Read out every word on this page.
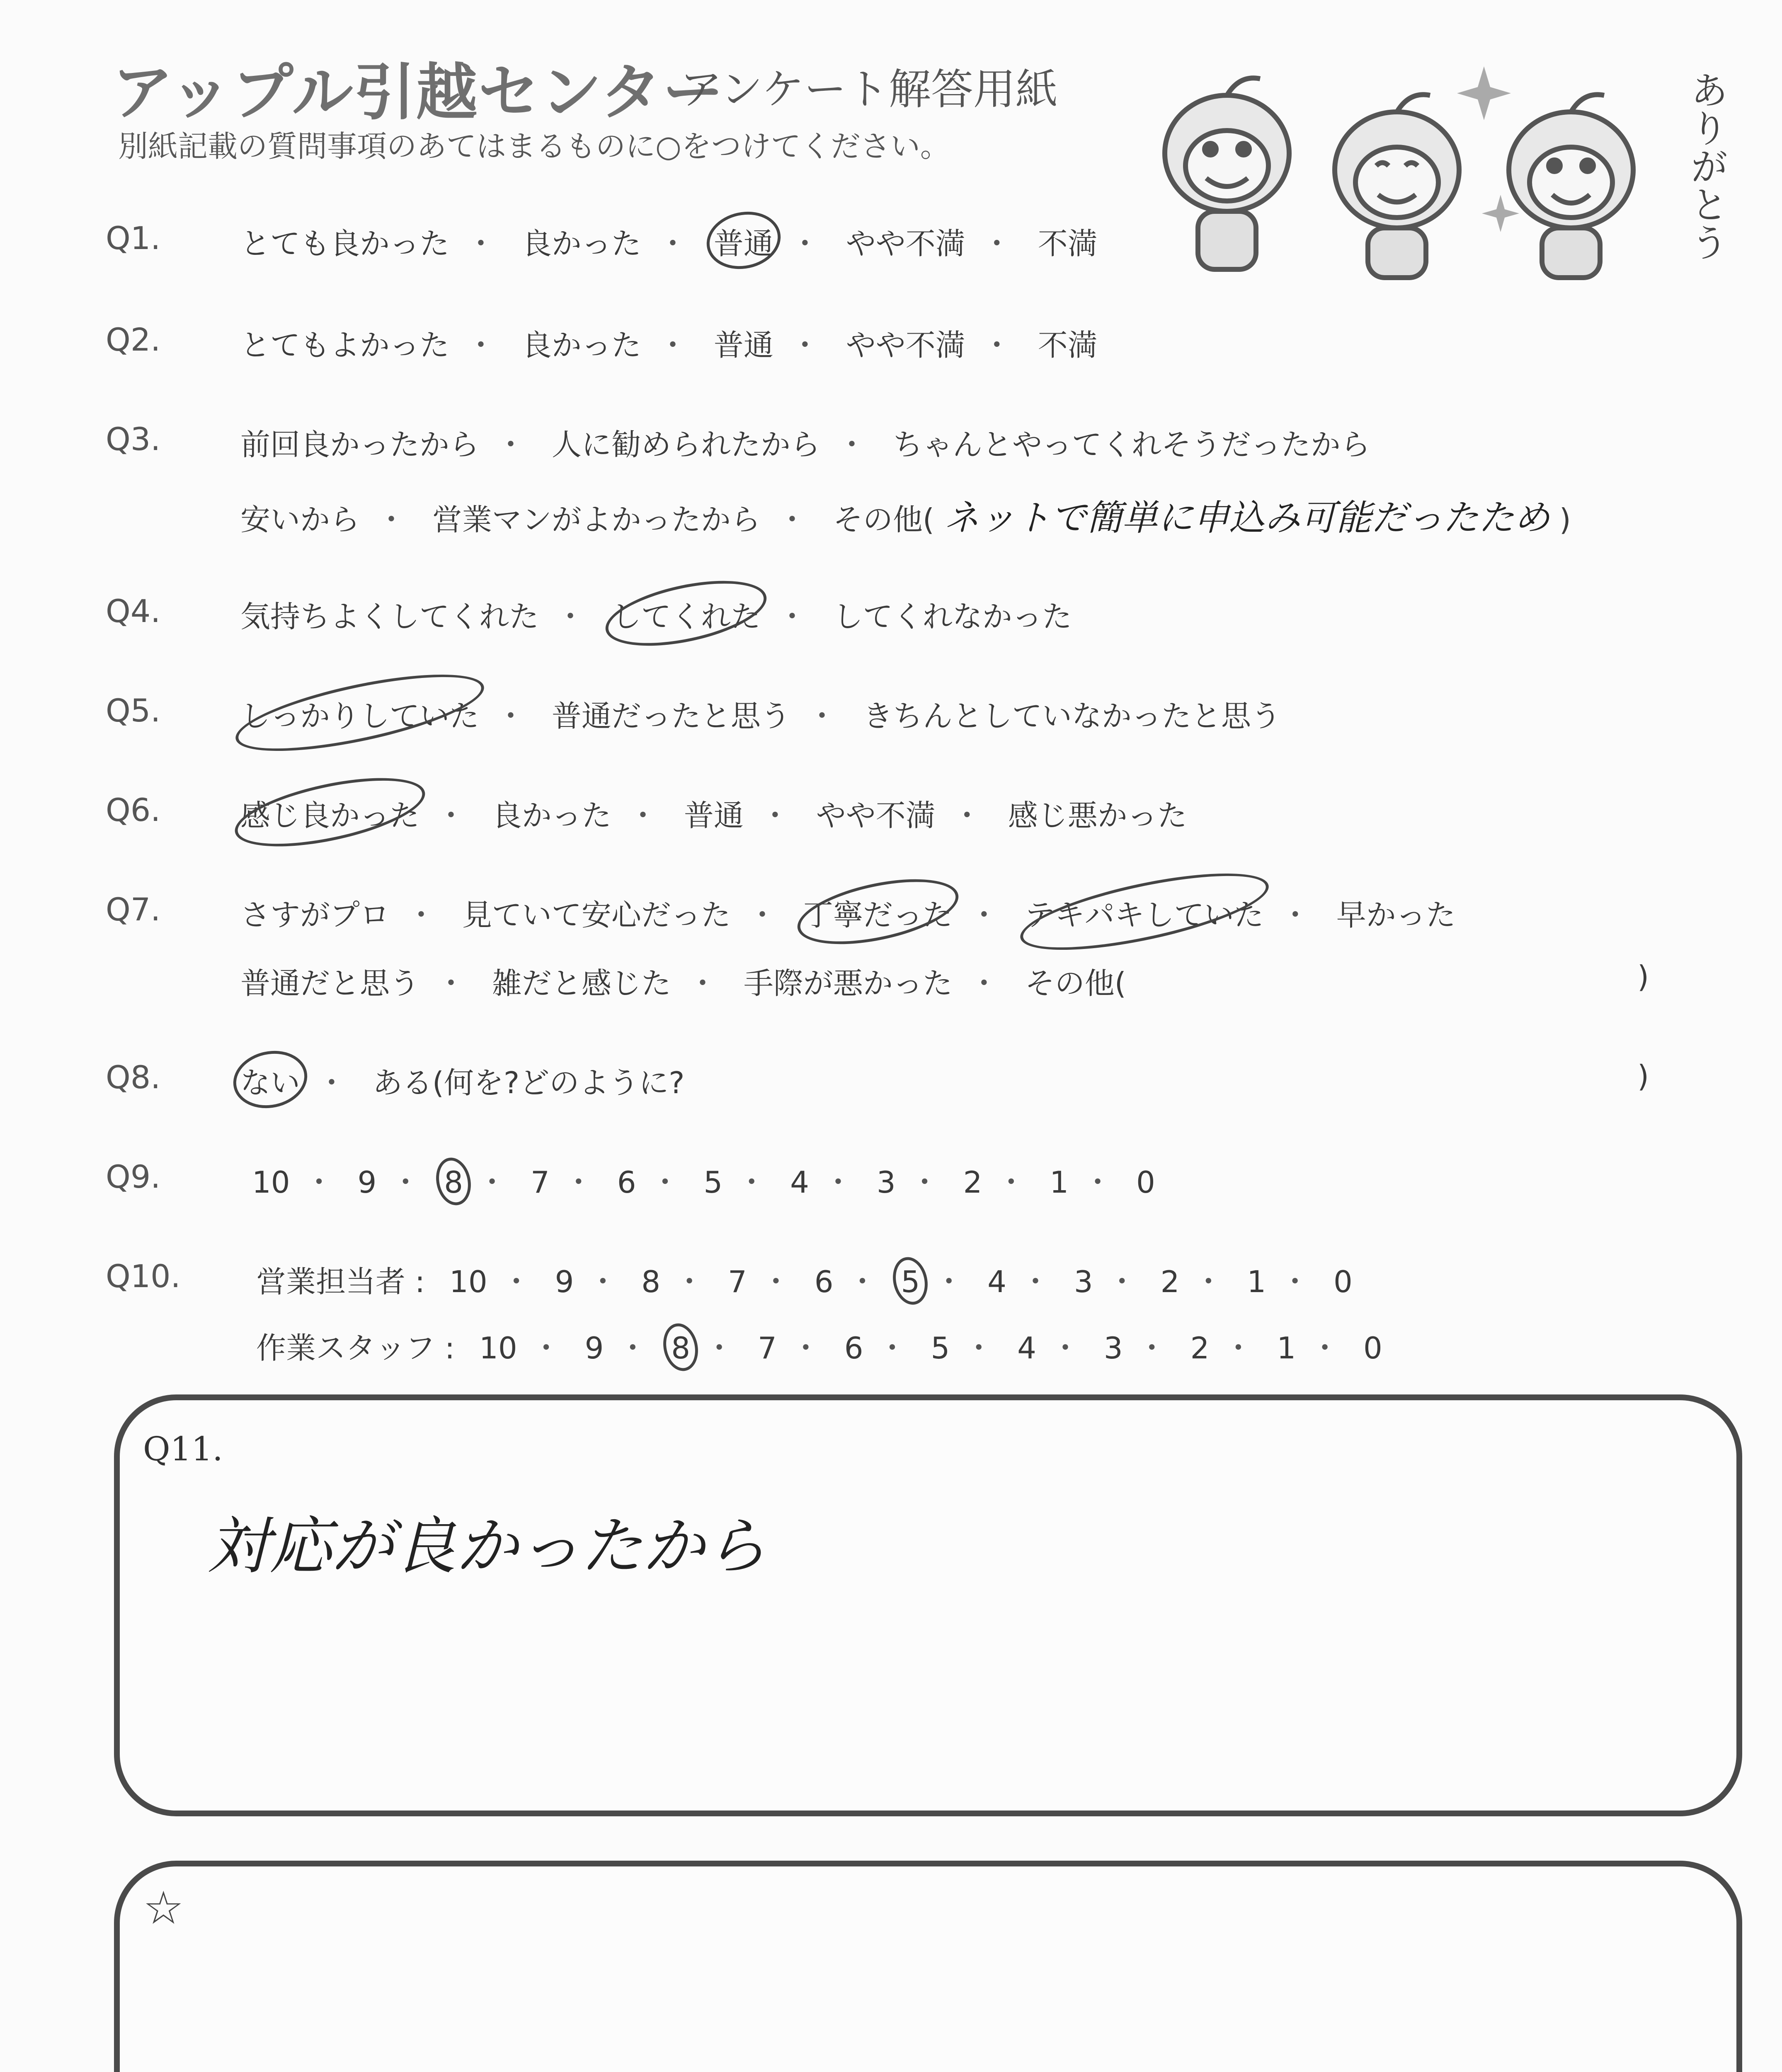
アップル引越センター
アンケート解答用紙
別紙記載の質問事項のあてはまるものに○をつけてください。	ありがとう
Q1.	とても良かった ・ 良かった ・ 普通 ・ やや不満 ・ 不満
Q2.	とてもよかった ・ 良かった ・ 普通 ・ やや不満 ・ 不満
Q3.	前回良かったから ・ 人に勧められたから ・ ちゃんとやってくれそうだったから
安いから ・ 営業マンがよかったから ・ その他( ネットで簡単に申込み可能だったため )
Q4.	気持ちよくしてくれた ・ してくれた ・ してくれなかった
Q5.	しっかりしていた ・ 普通だったと思う ・ きちんとしていなかったと思う
Q6.	感じ良かった ・ 良かった ・ 普通 ・ やや不満 ・ 感じ悪かった
Q7.	さすがプロ ・ 見ていて安心だった ・ 丁寧だった ・ テキパキしていた ・ 早かった
普通だと思う ・ 雑だと感じた ・ 手際が悪かった ・ その他(	)
Q8.	ない ・ ある(何を?どのように?	)
Q9.	10 ・ 9 ・ 8 ・ 7 ・ 6 ・ 5 ・ 4 ・ 3 ・ 2 ・ 1 ・ 0
Q10.	営業担当者 : 10 ・ 9 ・ 8 ・ 7 ・ 6 ・ 5 ・ 4 ・ 3 ・ 2 ・ 1 ・ 0
作業スタッフ : 10 ・ 9 ・ 8 ・ 7 ・ 6 ・ 5 ・ 4 ・ 3 ・ 2 ・ 1 ・ 0
Q11.
対応が良かったから
☆
